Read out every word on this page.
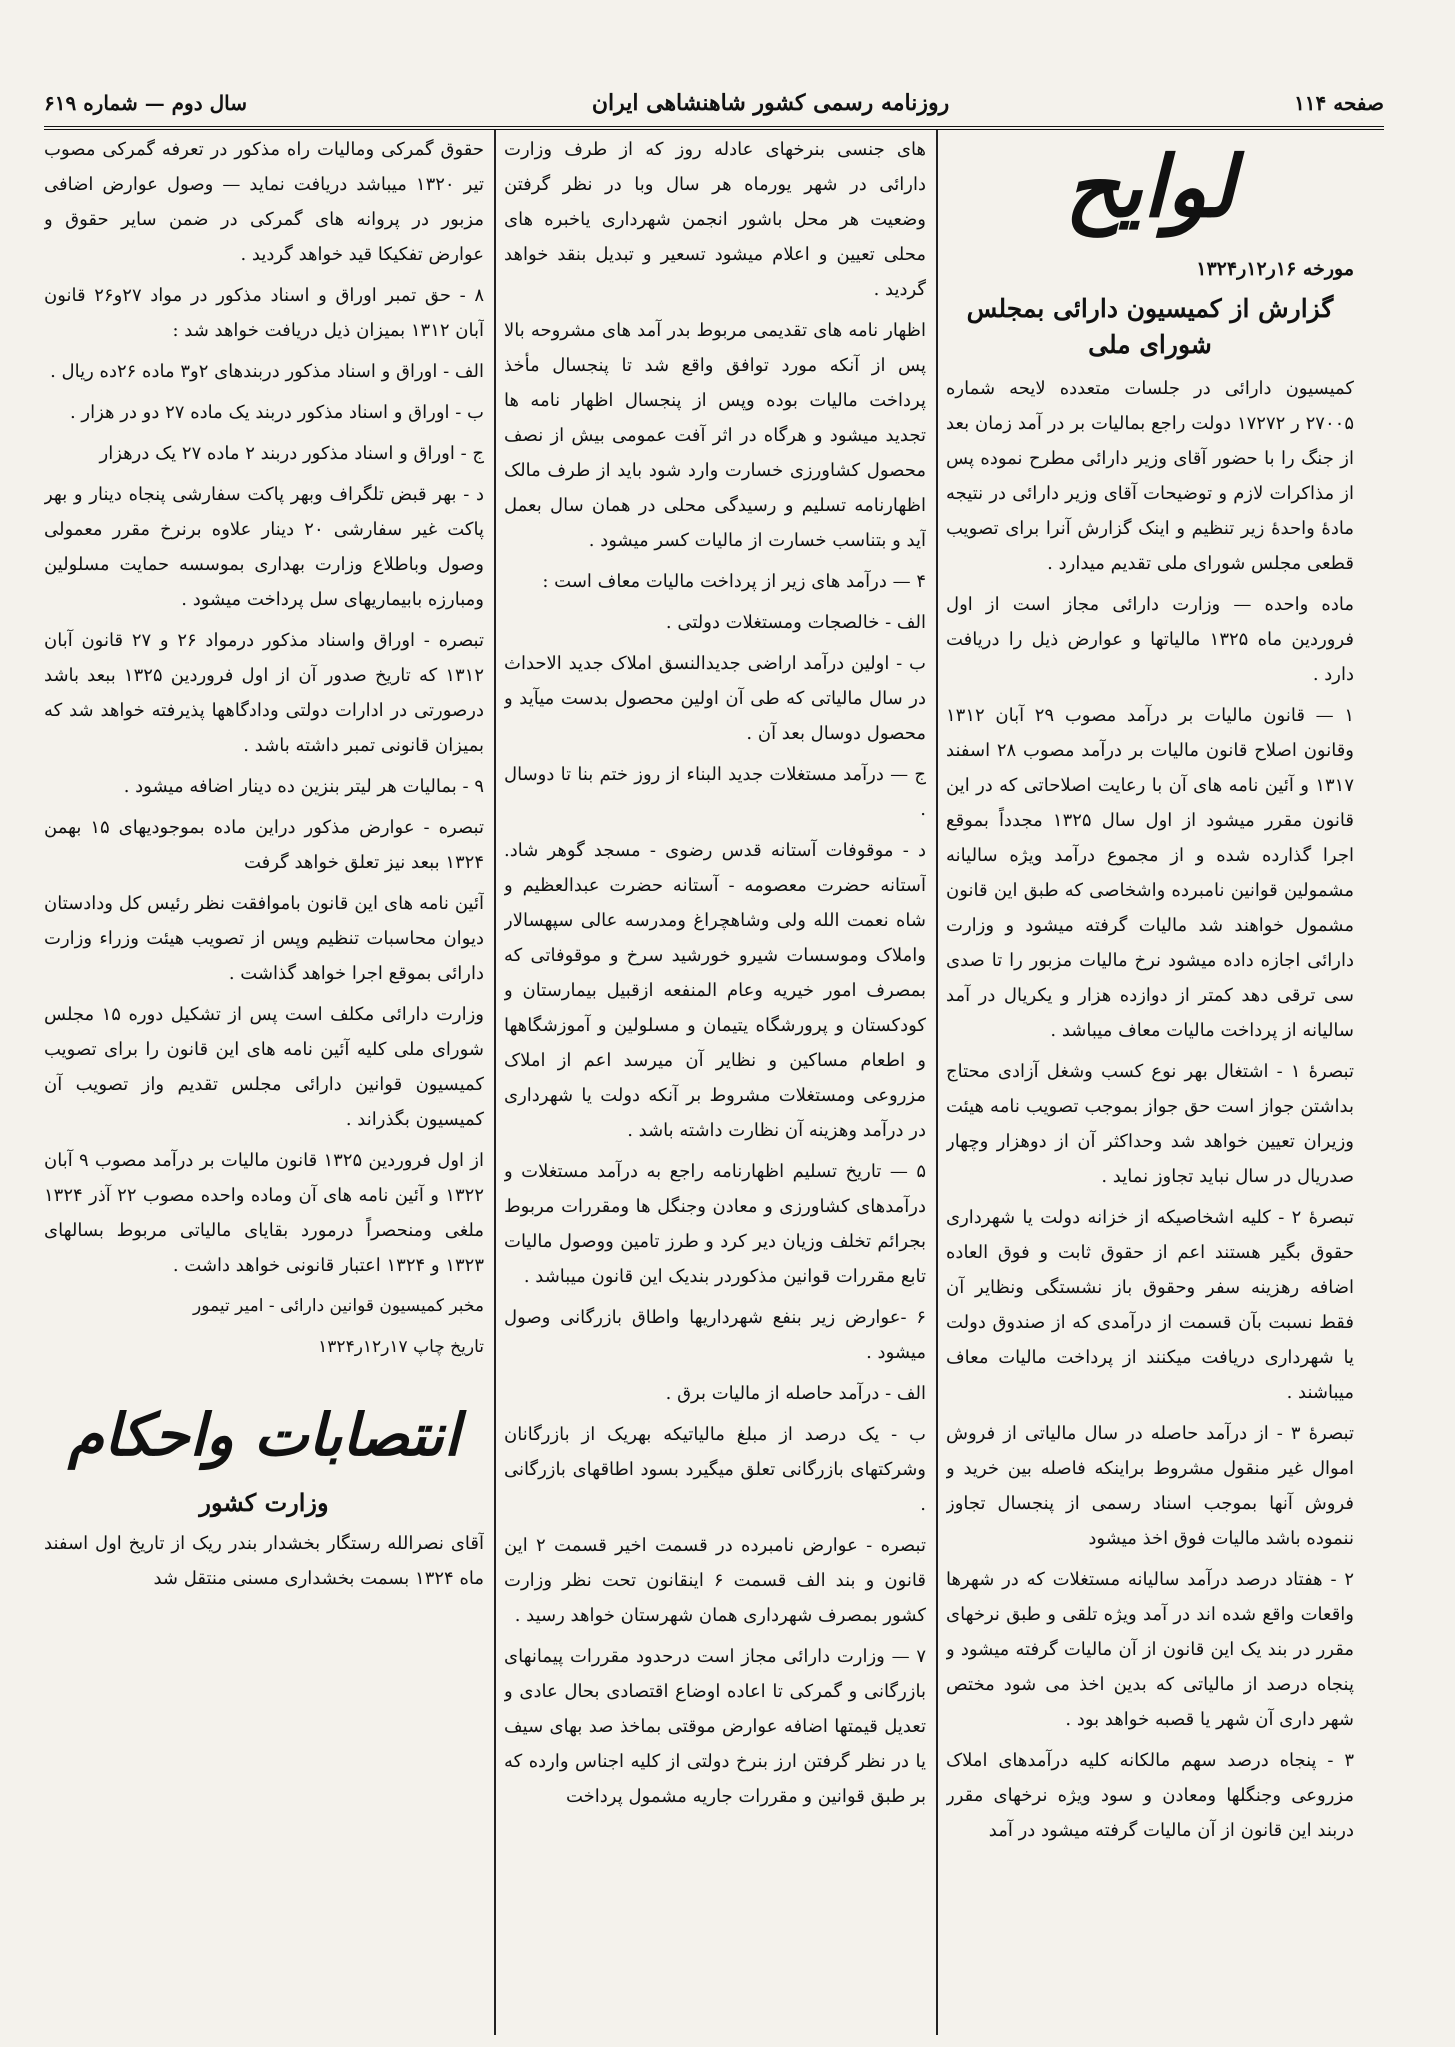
صفحه ۱۱۴
روزنامه رسمی کشور شاهنشاهی ایران
سال دوم — شماره ۶۱۹
لوایح
مورخه ۱۶ر۱۲ر۱۳۲۴
گزارش از کمیسیون دارائی بمجلس شورای ملی

کمیسیون دارائی در جلسات متعدده لایحه شماره ۲۷۰۰۵ ر ۱۷۲۷۲ دولت راجع بمالیات بر در آمد زمان بعد از جنگ را با حضور آقای وزیر دارائی مطرح نموده پس از مذاکرات لازم و توضیحات آقای وزیر دارائی در نتیجه مادهٔ واحدهٔ زیر تنظیم و اینک گزارش آنرا برای تصویب قطعی مجلس شورای ملی تقدیم میدارد .

ماده واحده — وزارت دارائی مجاز است از اول فروردین ماه ۱۳۲۵ مالیاتها و عوارض ذیل را دریافت دارد .

۱ — قانون مالیات بر درآمد مصوب ۲۹ آبان ۱۳۱۲ وقانون اصلاح قانون مالیات بر درآمد مصوب ۲۸ اسفند ۱۳۱۷ و آئین نامه های آن با رعایت اصلاحاتی که در این قانون مقرر میشود از اول سال ۱۳۲۵ مجدداً بموقع اجرا گذارده شده و از مجموع درآمد ویژه سالیانه مشمولین قوانین نامبرده واشخاصی که طبق این قانون مشمول خواهند شد مالیات گرفته میشود و وزارت دارائی اجازه داده میشود نرخ مالیات مزبور را تا صدی سی ترقی دهد کمتر از دوازده هزار و یکریال در آمد سالیانه از پرداخت مالیات معاف میباشد .

تبصرهٔ ۱ - اشتغال بهر نوع کسب وشغل آزادی محتاج بداشتن جواز است حق جواز بموجب تصویب نامه هیئت وزیران تعیین خواهد شد وحداکثر آن از دوهزار وچهار صدریال در سال نباید تجاوز نماید .

تبصرهٔ ۲ - کلیه اشخاصیکه از خزانه دولت یا شهرداری حقوق بگیر هستند اعم از حقوق ثابت و فوق العاده اضافه رهزینه سفر وحقوق باز نشستگی ونظایر آن فقط نسبت بآن قسمت از درآمدی که از صندوق دولت یا شهرداری دریافت میکنند از پرداخت مالیات معاف میباشند .

تبصرهٔ ۳ - از درآمد حاصله در سال مالیاتی از فروش اموال غیر منقول مشروط براینکه فاصله بین خرید و فروش آنها بموجب اسناد رسمی از پنجسال تجاوز ننموده باشد مالیات فوق اخذ میشود

۲ - هفتاد درصد درآمد سالیانه مستغلات که در شهرها واقعات واقع شده اند در آمد ویژه تلقی و طبق نرخهای مقرر در بند یک این قانون از آن مالیات گرفته میشود و پنجاه درصد از مالیاتی که بدین اخذ می شود مختص شهر داری آن شهر یا قصبه خواهد بود .

۳ - پنجاه درصد سهم مالکانه کلیه درآمدهای املاک مزروعی وجنگلها ومعادن و سود ویژه نرخهای مقرر دربند این قانون از آن مالیات گرفته میشود در آمد

های جنسی بنرخهای عادله روز که از طرف وزارت دارائی در شهر یورماه هر سال وبا در نظر گرفتن وضعیت هر محل باشور انجمن شهرداری یاخبره های محلی تعیین و اعلام میشود تسعیر و تبدیل بنقد خواهد گردید .

اظهار نامه های تقدیمی مربوط بدر آمد های مشروحه بالا پس از آنکه مورد توافق واقع شد تا پنجسال مأخذ پرداخت مالیات بوده وپس از پنجسال اظهار نامه ها تجدید میشود و هرگاه در اثر آفت عمومی بیش از نصف محصول کشاورزی خسارت وارد شود باید از طرف مالک اظهارنامه تسلیم و رسیدگی محلی در همان سال بعمل آید و بتناسب خسارت از مالیات کسر میشود .

۴ — درآمد های زیر از پرداخت مالیات معاف است :

الف - خالصجات ومستغلات دولتی .

ب - اولین درآمد اراضی جدیدالنسق املاک جدید الاحداث در سال مالیاتی که طی آن اولین محصول بدست میآید و محصول دوسال بعد آن .

ج — درآمد مستغلات جدید البناء از روز ختم بنا تا دوسال .

د - موقوفات آستانه قدس رضوی - مسجد گوهر شاد. آستانه حضرت معصومه - آستانه حضرت عبدالعظیم و شاه نعمت الله ولی وشاهچراغ ومدرسه عالی سپهسالار واملاک وموسسات شیرو خورشید سرخ و موقوفاتی که بمصرف امور خیریه وعام المنفعه ازقبیل بیمارستان و کودکستان و پرورشگاه یتیمان و مسلولین و آموزشگاهها و اطعام مساکین و نظایر آن میرسد اعم از املاک مزروعی ومستغلات مشروط بر آنکه دولت یا شهرداری در درآمد وهزینه آن نظارت داشته باشد .

۵ — تاریخ تسلیم اظهارنامه راجع به درآمد مستغلات و درآمدهای کشاورزی و معادن وجنگل ها ومقررات مربوط بجرائم تخلف وزیان دیر کرد و طرز تامین ووصول مالیات تابع مقررات قوانین مذکوردر بندیک این قانون میباشد .

۶ -عوارض زیر بنفع شهرداریها واطاق بازرگانی وصول میشود .

الف - درآمد حاصله از مالیات برق .

ب - یک درصد از مبلغ مالیاتیکه بهریک از بازرگانان وشرکتهای بازرگانی تعلق میگیرد بسود اطاقهای بازرگانی .

تبصره - عوارض نامبرده در قسمت اخیر قسمت ۲ این قانون و بند الف قسمت ۶ اینقانون تحت نظر وزارت کشور بمصرف شهرداری همان شهرستان خواهد رسید .

۷ — وزارت دارائی مجاز است درحدود مقررات پیمانهای بازرگانی و گمرکی تا اعاده اوضاع اقتصادی بحال عادی و تعدیل قیمتها اضافه عوارض موقتی بماخذ صد بهای سیف یا در نظر گرفتن ارز بنرخ دولتی از کلیه اجناس وارده که بر طبق قوانین و مقررات جاریه مشمول پرداخت

حقوق گمرکی ومالیات راه مذکور در تعرفه گمرکی مصوب تیر ۱۳۲۰ میباشد دریافت نماید — وصول عوارض اضافی مزبور در پروانه های گمرکی در ضمن سایر حقوق و عوارض تفکیکا قید خواهد گردید .

۸ - حق تمبر اوراق و اسناد مذکور در مواد ۲۷و۲۶ قانون آبان ۱۳۱۲ بمیزان ذیل دریافت خواهد شد :

الف - اوراق و اسناد مذکور دربندهای ۲و۳ ماده ۲۶ده ریال .

ب - اوراق و اسناد مذکور دربند یک ماده ۲۷ دو در هزار .

ج - اوراق و اسناد مذکور دربند ۲ ماده ۲۷ یک درهزار

د - بهر قبض تلگراف وبهر پاکت سفارشی پنجاه دینار و بهر پاکت غیر سفارشی ۲۰ دینار علاوه برنرخ مقرر معمولی وصول وباطلاع وزارت بهداری بموسسه حمایت مسلولین ومبارزه بابیماریهای سل پرداخت میشود .

تبصره - اوراق واسناد مذکور درمواد ۲۶ و ۲۷ قانون آبان ۱۳۱۲ که تاریخ صدور آن از اول فروردین ۱۳۲۵ ببعد باشد درصورتی در ادارات دولتی ودادگاهها پذیرفته خواهد شد که بمیزان قانونی تمبر داشته باشد .

۹ - بمالیات هر لیتر بنزین ده دینار اضافه میشود .

تبصره - عوارض مذکور دراین ماده بموجودیهای ۱۵ بهمن ۱۳۲۴ ببعد نیز تعلق خواهد گرفت

آئین نامه های این قانون باموافقت نظر رئیس کل ودادستان دیوان محاسبات تنظیم وپس از تصویب هیئت وزراء وزارت دارائی بموقع اجرا خواهد گذاشت .

وزارت دارائی مکلف است پس از تشکیل دوره ۱۵ مجلس شورای ملی کلیه آئین نامه های این قانون را برای تصویب کمیسیون قوانین دارائی مجلس تقدیم واز تصویب آن کمیسیون بگذراند .

از اول فروردین ۱۳۲۵ قانون مالیات بر درآمد مصوب ۹ آبان ۱۳۲۲ و آئین نامه های آن وماده واحده مصوب ۲۲ آذر ۱۳۲۴ ملغی ومنحصراً درمورد بقایای مالیاتی مربوط بسالهای ۱۳۲۳ و ۱۳۲۴ اعتبار قانونی خواهد داشت .

مخبر کمیسیون قوانین دارائی - امیر تیمور

تاریخ چاپ ۱۷ر۱۲ر۱۳۲۴

انتصابات واحکام
وزارت کشور

آقای نصرالله رستگار بخشدار بندر ریک از تاریخ اول اسفند ماه ۱۳۲۴ بسمت بخشداری مسنی منتقل شد
